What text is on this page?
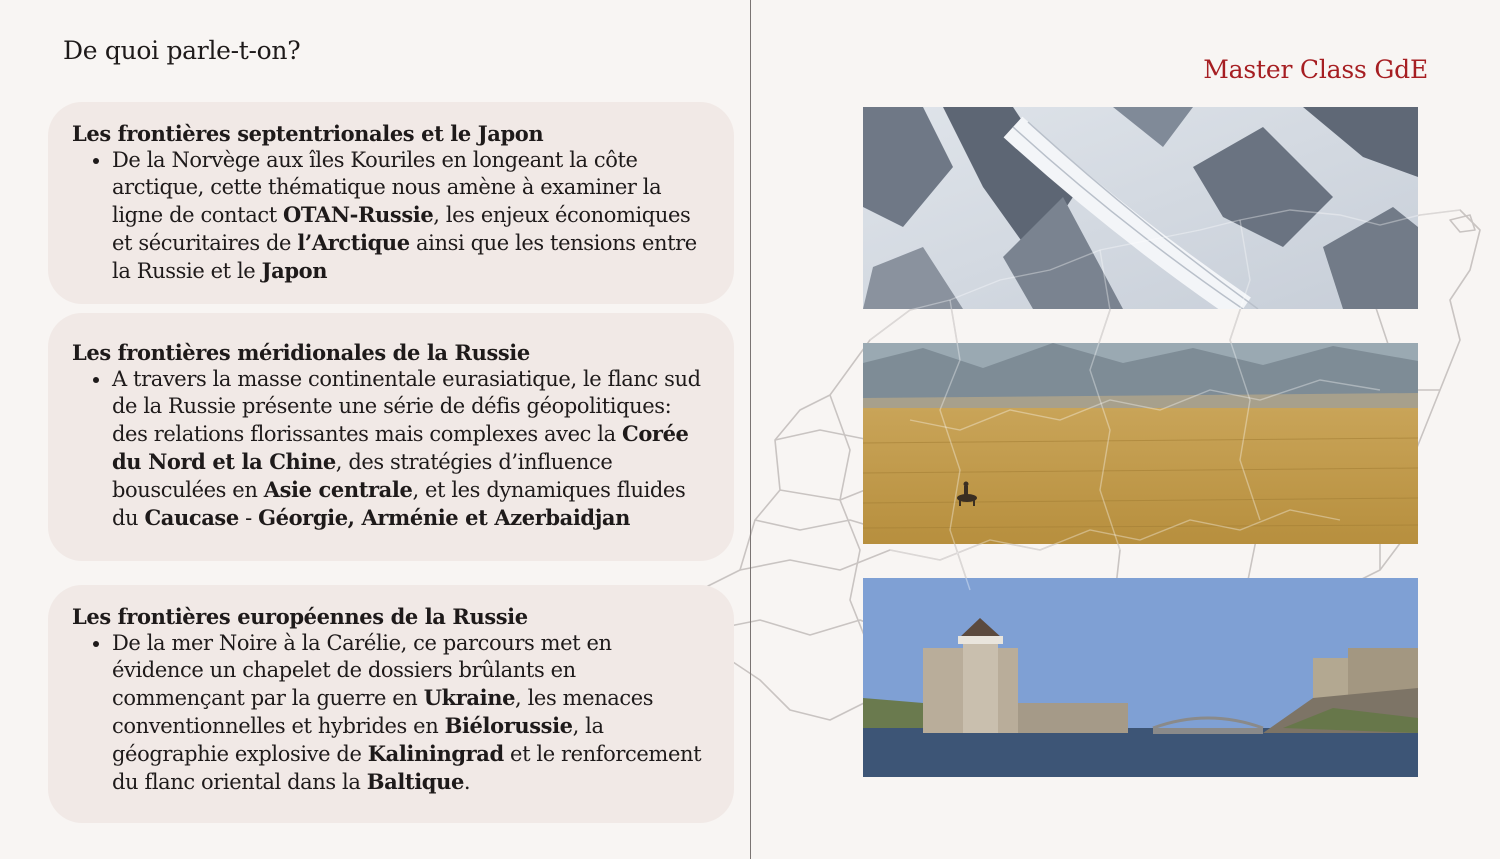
De quoi parle-t-on?
Master Class GdE
Les frontières septentrionales et le Japon
• De la Norvège aux îles Kouriles en longeant la côte arctique, cette thématique nous amène à examiner la ligne de contact OTAN-Russie, les enjeux économiques et sécuritaires de l’Arctique ainsi que les tensions entre la Russie et le Japon
Les frontières méridionales de la Russie
• A travers la masse continentale eurasiatique, le flanc sud de la Russie présente une série de défis géopolitiques: des relations florissantes mais complexes avec la Corée du Nord et la Chine, des stratégies d’influence bousculées en Asie centrale, et les dynamiques fluides du Caucase - Géorgie, Arménie et Azerbaidjan
Les frontières européennes de la Russie
• De la mer Noire à la Carélie, ce parcours met en évidence un chapelet de dossiers brûlants en commençant par la guerre en Ukraine, les menaces conventionnelles et hybrides en Biélorussie, la géographie explosive de Kaliningrad et le renforcement du flanc oriental dans la Baltique.
